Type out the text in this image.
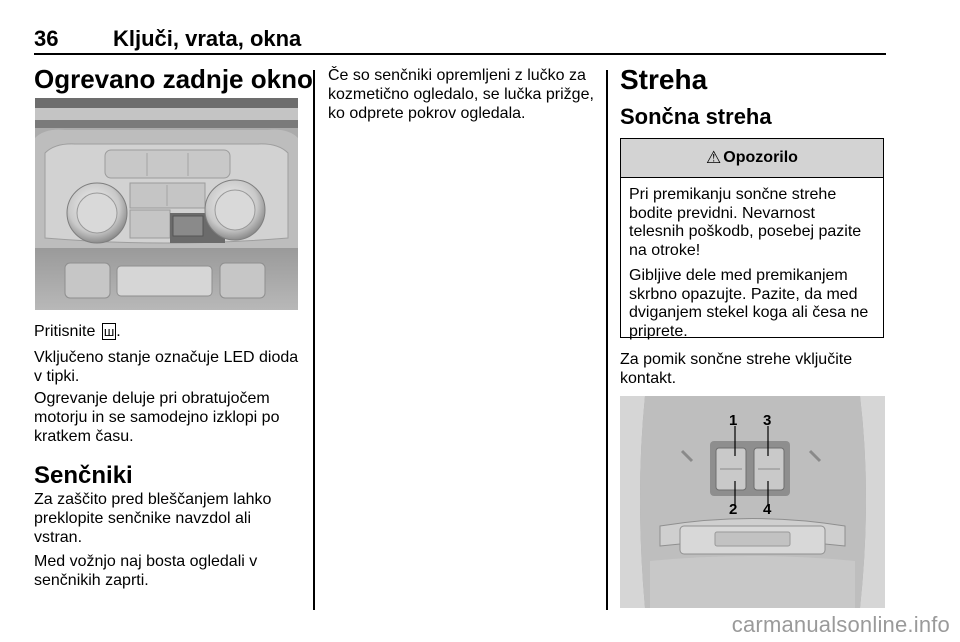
36 Ključi, vrata, okna
Ogrevano zadnje okno
Pritisnite ш .
Vključeno stanje označuje LED dioda
v tipki.
Ogrevanje deluje pri obratujočem
motorju in se samodejno izklopi po
kratkem času.
Senčniki
Za zaščito pred bleščanjem lahko
preklopite senčnike navzdol ali
vstran.
Med vožnjo naj bosta ogledali v
senčnikih zaprti.
Če so senčniki opremljeni z lučko za
kozmetično ogledalo, se lučka prižge,
ko odprete pokrov ogledala.
Streha
Sončna streha
⚠ Opozorilo

Pri premikanju sončne strehe
bodite previdni. Nevarnost
telesnih poškodb, posebej pazite
na otroke!

Gibljive dele med premikanjem
skrbno opazujte. Pazite, da med
dviganjem stekel koga ali česa ne
priprete.

Za pomik sončne strehe vključite
kontakt.
1 3
2 4
carmanualsonline.info
